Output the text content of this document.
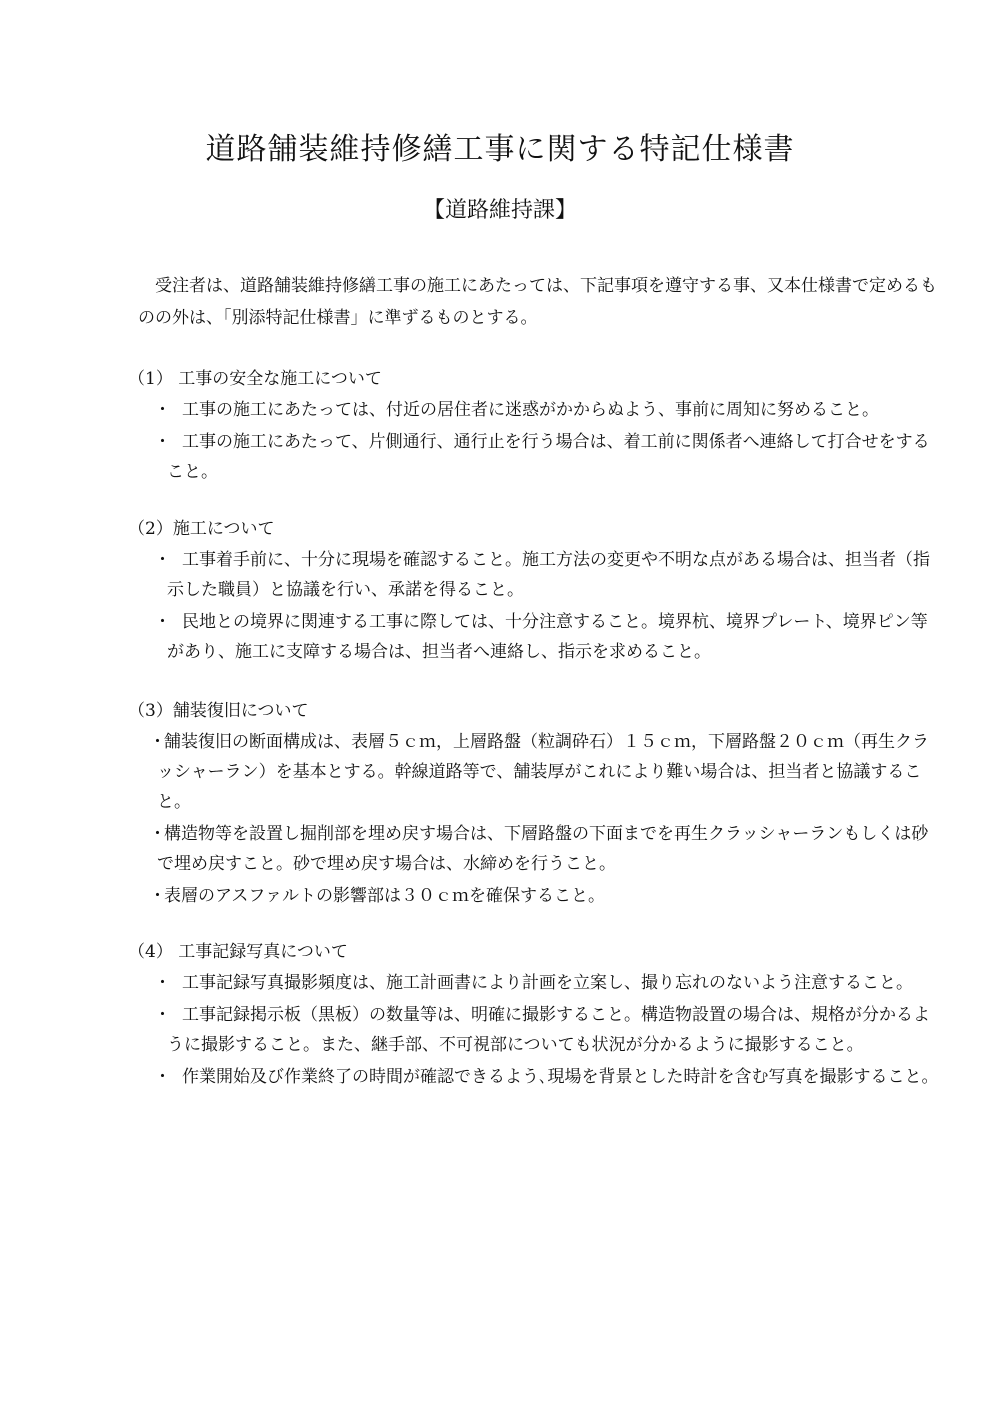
道路舗装維持修繕工事に関する特記仕様書
【道路維持課】
受注者は、道路舗装維持修繕工事の施工にあたっては、下記事項を遵守する事、又本仕様書で定めるものの外は、「別添特記仕様書」に準ずるものとする。
（1） 工事の安全な施工について
・ 工事の施工にあたっては、付近の居住者に迷惑がかからぬよう、事前に周知に努めること。
・ 工事の施工にあたって、片側通行、通行止を行う場合は、着工前に関係者へ連絡して打合せをすること。
（2）施工について
・ 工事着手前に、十分に現場を確認すること。施工方法の変更や不明な点がある場合は、担当者（指示した職員）と協議を行い、承諾を得ること。
・ 民地との境界に関連する工事に際しては、十分注意すること。境界杭、境界プレート、境界ピン等があり、施工に支障する場合は、担当者へ連絡し、指示を求めること。
（3）舗装復旧について
・
舗装復旧の断面構成は、表層５ｃｍ，上層路盤（粒調砕石）１５ｃｍ，下層路盤２０ｃｍ（再生クラッシャーラン）を基本とする。幹線道路等で、舗装厚がこれにより難い場合は、担当者と協議すること。
・
構造物等を設置し掘削部を埋め戻す場合は、下層路盤の下面までを再生クラッシャーランもしくは砂で埋め戻すこと。砂で埋め戻す場合は、水締めを行うこと。
・
表層のアスファルトの影響部は３０ｃｍを確保すること。
（4） 工事記録写真について
・ 工事記録写真撮影頻度は、施工計画書により計画を立案し、撮り忘れのないよう注意すること。
・ 工事記録掲示板（黒板）の数量等は、明確に撮影すること。構造物設置の場合は、規格が分かるように撮影すること。また、継手部、不可視部についても状況が分かるように撮影すること。
・ 作業開始及び作業終了の時間が確認できるよう､現場を背景とした時計を含む写真を撮影すること。
